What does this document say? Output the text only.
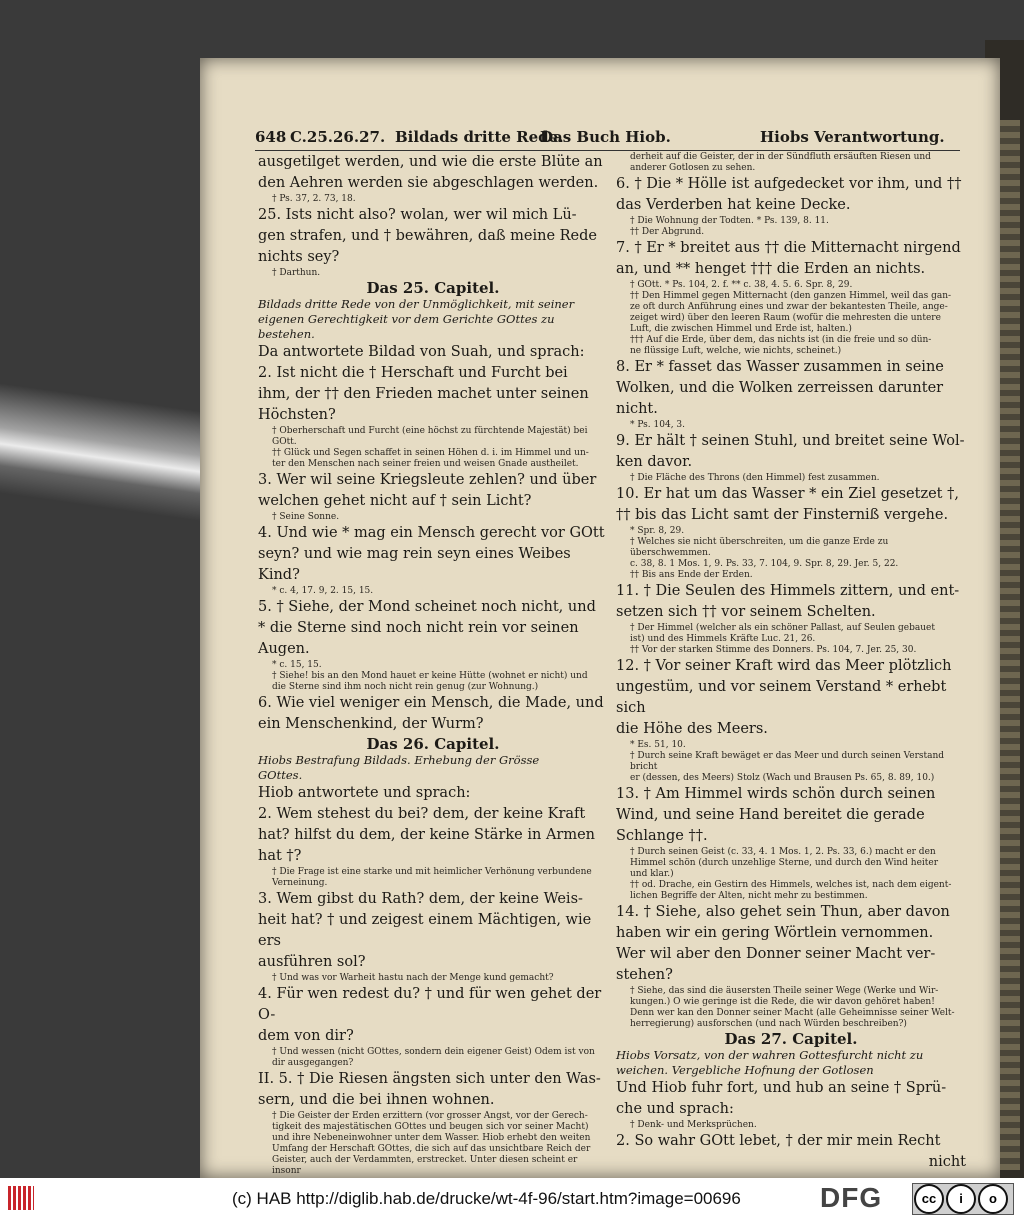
648 C.25.26.27. Bildads dritte Rede.
Das Buch Hiob.	Hiobs Verantwortung.

ausgetilget werden, und wie die erste Blüte an

den Aehren werden sie abgeschlagen werden.

† Ps. 37, 2. 73, 18.

25. Ists nicht also? wolan, wer wil mich Lü-

gen strafen, und † bewähren, daß meine Rede

nichts sey?

† Darthun.

Das 25. Capitel.

Bildads dritte Rede von der Unmöglichkeit, mit seiner

eigenen Gerechtigkeit vor dem Gerichte GOttes zu

bestehen.

Da antwortete Bildad von Suah, und sprach:

2. Ist nicht die † Herschaft und Furcht bei

ihm, der †† den Frieden machet unter seinen

Höchsten?

† Oberherschaft und Furcht (eine höchst zu fürchtende Majestät) bei

GOtt.

†† Glück und Segen schaffet in seinen Höhen d. i. im Himmel und un-

ter den Menschen nach seiner freien und weisen Gnade austheilet.

3. Wer wil seine Kriegsleute zehlen? und über

welchen gehet nicht auf † sein Licht?

† Seine Sonne.

4. Und wie * mag ein Mensch gerecht vor GOtt

seyn? und wie mag rein seyn eines Weibes Kind?

* c. 4, 17. 9, 2. 15, 15.

5. † Siehe, der Mond scheinet noch nicht, und

* die Sterne sind noch nicht rein vor seinen Augen.

* c. 15, 15.

† Siehe! bis an den Mond hauet er keine Hütte (wohnet er nicht) und

die Sterne sind ihm noch nicht rein genug (zur Wohnung.)

6. Wie viel weniger ein Mensch, die Made, und

ein Menschenkind, der Wurm?

Das 26. Capitel.

Hiobs Bestrafung Bildads. Erhebung der Grösse

GOttes.

Hiob antwortete und sprach:

2. Wem stehest du bei? dem, der keine Kraft

hat? hilfst du dem, der keine Stärke in Armen

hat †?

† Die Frage ist eine starke und mit heimlicher Verhönung verbundene

Verneinung.

3. Wem gibst du Rath? dem, der keine Weis-

heit hat? † und zeigest einem Mächtigen, wie ers

ausführen sol?

† Und was vor Warheit hastu nach der Menge kund gemacht?

4. Für wen redest du? † und für wen gehet der O-

dem von dir?

† Und wessen (nicht GOttes, sondern dein eigener Geist) Odem ist von

dir ausgegangen?

II. 5. † Die Riesen ängsten sich unter den Was-

sern, und die bei ihnen wohnen.

† Die Geister der Erden erzittern (vor grosser Angst, vor der Gerech-

tigkeit des majestätischen GOttes und beugen sich vor seiner Macht)

und ihre Nebeneinwohner unter dem Wasser. Hiob erhebt den weiten

Umfang der Herschaft GOttes, die sich auf das unsichtbare Reich der

Geister, auch der Verdammten, erstrecket. Unter diesen scheint er insonr

derheit auf die Geister, der in der Sündfluth ersäuften Riesen und

anderer Gotlosen zu sehen.

6. † Die * Hölle ist aufgedecket vor ihm, und ††

das Verderben hat keine Decke.

† Die Wohnung der Todten. * Ps. 139, 8. 11.

†† Der Abgrund.

7. † Er * breitet aus †† die Mitternacht nirgend

an, und ** henget ††† die Erden an nichts.

† GOtt. * Ps. 104, 2. f. ** c. 38, 4. 5. 6. Spr. 8, 29.

†† Den Himmel gegen Mitternacht (den ganzen Himmel, weil das gan-

ze oft durch Anführung eines und zwar der bekantesten Theile, ange-

zeiget wird) über den leeren Raum (wofür die mehresten die untere

Luft, die zwischen Himmel und Erde ist, halten.)

††† Auf die Erde, über dem, das nichts ist (in die freie und so dün-

ne flüssige Luft, welche, wie nichts, scheinet.)

8. Er * fasset das Wasser zusammen in seine

Wolken, und die Wolken zerreissen darunter

nicht.

* Ps. 104, 3.

9. Er hält † seinen Stuhl, und breitet seine Wol-

ken davor.

† Die Fläche des Throns (den Himmel) fest zusammen.

10. Er hat um das Wasser * ein Ziel gesetzet †,

†† bis das Licht samt der Finsterniß vergehe.

* Spr. 8, 29.

† Welches sie nicht überschreiten, um die ganze Erde zu überschwemmen.

c. 38, 8. 1 Mos. 1, 9. Ps. 33, 7. 104, 9. Spr. 8, 29. Jer. 5, 22.

†† Bis ans Ende der Erden.

11. † Die Seulen des Himmels zittern, und ent-

setzen sich †† vor seinem Schelten.

† Der Himmel (welcher als ein schöner Pallast, auf Seulen gebauet

ist) und des Himmels Kräfte Luc. 21, 26.

†† Vor der starken Stimme des Donners. Ps. 104, 7. Jer. 25, 30.

12. † Vor seiner Kraft wird das Meer plötzlich

ungestüm, und vor seinem Verstand * erhebt sich

die Höhe des Meers.

* Es. 51, 10.

† Durch seine Kraft bewäget er das Meer und durch seinen Verstand bricht

er (dessen, des Meers) Stolz (Wach und Brausen Ps. 65, 8. 89, 10.)

13. † Am Himmel wirds schön durch seinen

Wind, und seine Hand bereitet die gerade

Schlange ††.

† Durch seinen Geist (c. 33, 4. 1 Mos. 1, 2. Ps. 33, 6.) macht er den

Himmel schön (durch unzehlige Sterne, und durch den Wind heiter

und klar.)

†† od. Drache, ein Gestirn des Himmels, welches ist, nach dem eigent-

lichen Begriffe der Alten, nicht mehr zu bestimmen.

14. † Siehe, also gehet sein Thun, aber davon

haben wir ein gering Wörtlein vernommen.

Wer wil aber den Donner seiner Macht ver-

stehen?

† Siehe, das sind die äusersten Theile seiner Wege (Werke und Wir-

kungen.) O wie geringe ist die Rede, die wir davon gehöret haben!

Denn wer kan den Donner seiner Macht (alle Geheimnisse seiner Welt-

herregierung) ausforschen (und nach Würden beschreiben?)

Das 27. Capitel.

Hiobs Vorsatz, von der wahren Gottesfurcht nicht zu

weichen. Vergebliche Hofnung der Gotlosen

Und Hiob fuhr fort, und hub an seine † Sprü-

che und sprach:

† Denk- und Merksprüchen.

2. So wahr GOtt lebet, † der mir mein Recht

nicht

(c) HAB http://diglib.hab.de/drucke/wt-4f-96/start.htm?image=00696	DFG	cc i o
